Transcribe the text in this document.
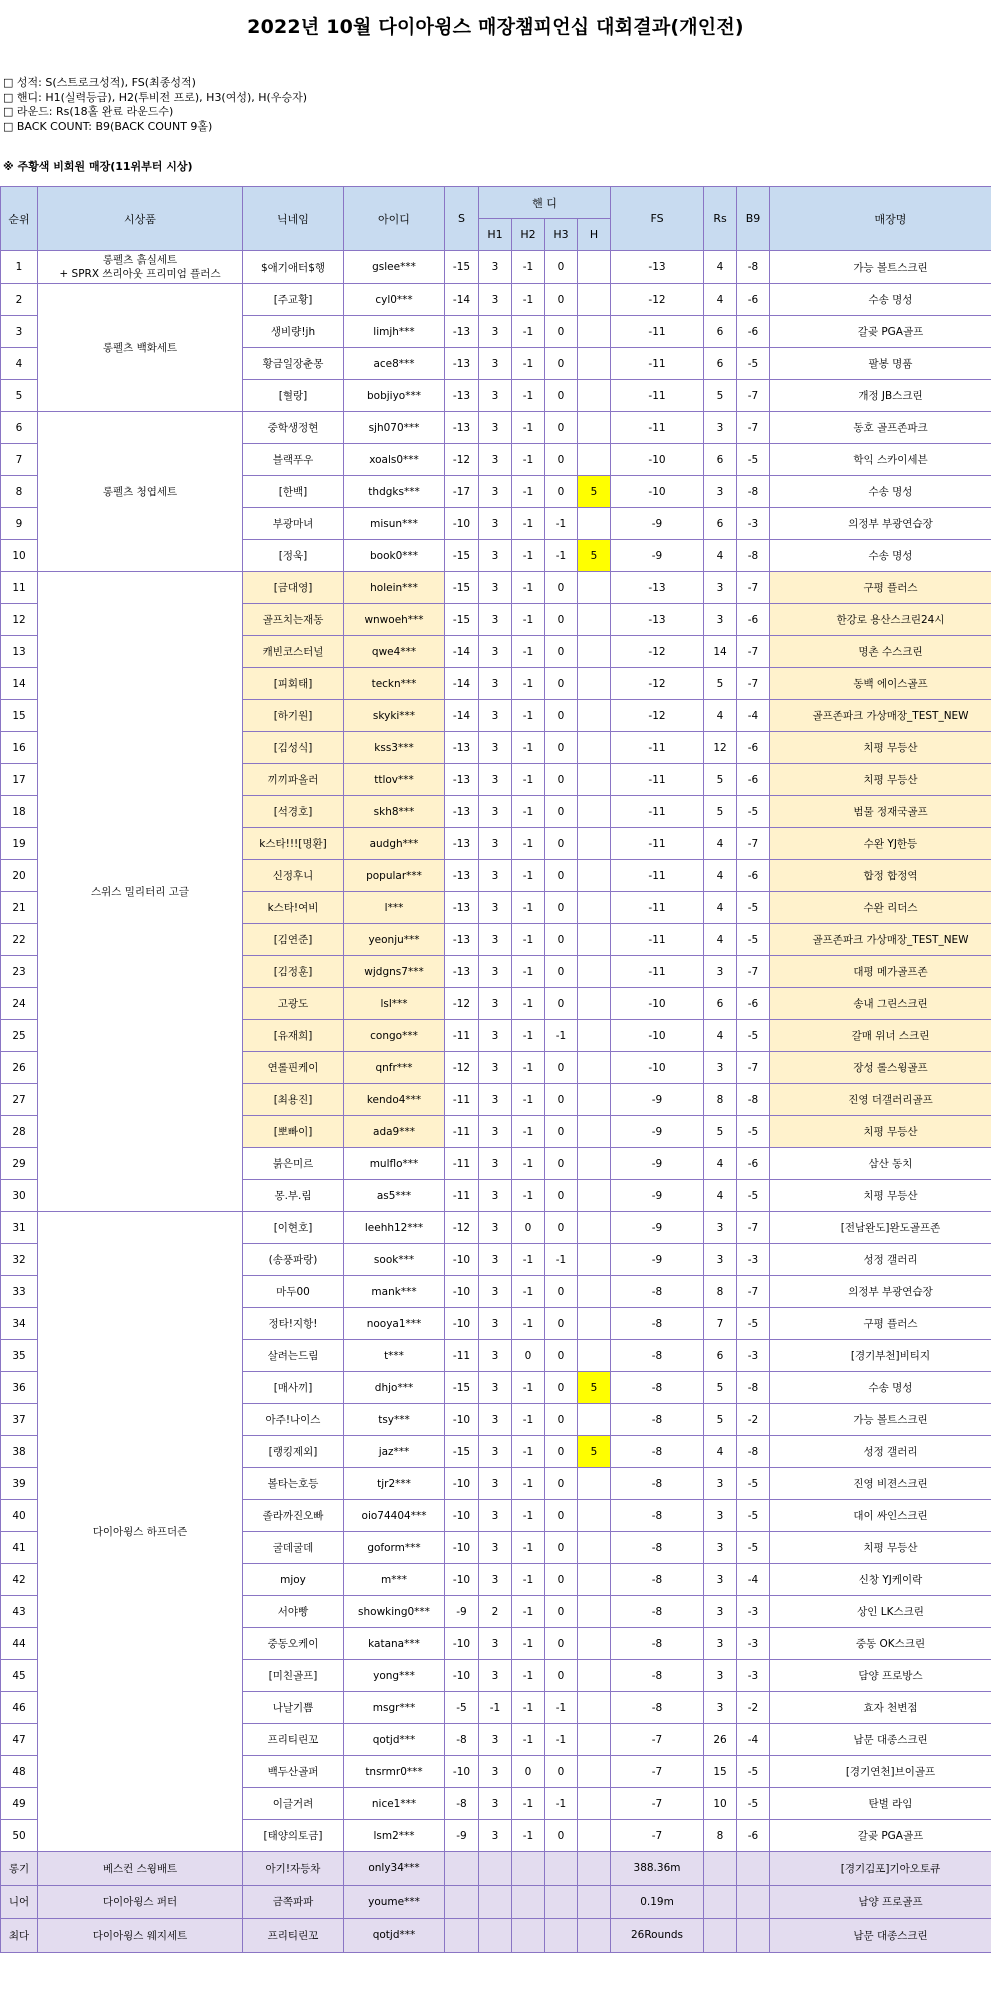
2022년 10월 다이아윙스 매장챔피언십 대회결과(개인전)
□ 성적: S(스트로크성적), FS(최종성적)
□ 핸디: H1(실력등급), H2(투비전 프로), H3(여성), H(우승자)
□ 라운드: Rs(18홀 완료 라운드수)
□ BACK COUNT: B9(BACK COUNT 9홀)
※ 주황색 비회원 매장(11위부터 시상)
순위	시상품	닉네임	아이디	S	핸 디				FS	Rs	B9	매장명
					H1	H2	H3	H				
1	롱펠츠 흙실세트
+ SPRX 쓰리아웃 프리미엄 플러스	$애기애터$행	gslee***	-15	3	-1	0		-13	4	-8	가능 볼트스크린
2	롱펠츠 백화세트	[주교황]	cyl0***	-14	3	-1	0		-12	4	-6	수송 명성
3		생비량!jh	limjh***	-13	3	-1	0		-11	6	-6	갈곶 PGA골프
4		황금일장춘몽	ace8***	-13	3	-1	0		-11	6	-5	팔봉 명품
5		[혈랑]	bobjiyo***	-13	3	-1	0		-11	5	-7	개정 JB스크린
6	롱펠츠 청엽세트	중학생정현	sjh070***	-13	3	-1	0		-11	3	-7	동호 골프존파크
7		블랙푸우	xoals0***	-12	3	-1	0		-10	6	-5	학익 스카이세븐
8		[한백]	thdgks***	-17	3	-1	0	5	-10	3	-8	수송 명성
9		부광마녀	misun***	-10	3	-1	-1		-9	6	-3	의정부 부광연습장
10		[정욱]	book0***	-15	3	-1	-1	5	-9	4	-8	수송 명성
11	스위스 밀리터리 고글	[금대영]	holein***	-15	3	-1	0		-13	3	-7	구평 플러스
12		골프치는재동	wnwoeh***	-15	3	-1	0		-13	3	-6	한강로 용산스크린24시
13		캐빈코스터널	qwe4***	-14	3	-1	0		-12	14	-7	명촌 수스크린
14		[피회태]	teckn***	-14	3	-1	0		-12	5	-7	동백 에이스골프
15		[하기원]	skyki***	-14	3	-1	0		-12	4	-4	골프존파크 가상매장_TEST_NEW
16		[김성식]	kss3***	-13	3	-1	0		-11	12	-6	치평 무등산
17		끼끼파올러	ttlov***	-13	3	-1	0		-11	5	-6	치평 무등산
18		[석경호]	skh8***	-13	3	-1	0		-11	5	-5	범물 정재국골프
19		k스타!!![명환]	audgh***	-13	3	-1	0		-11	4	-7	수완 YJ한등
20		신정후니	popular***	-13	3	-1	0		-11	4	-6	합정 합정역
21		k스타!여비	l***	-13	3	-1	0		-11	4	-5	수완 리더스
22		[김연준]	yeonju***	-13	3	-1	0		-11	4	-5	골프존파크 가상매장_TEST_NEW
23		[김정훈]	wjdgns7***	-13	3	-1	0		-11	3	-7	대평 메가골프존
24		고광도	lsl***	-12	3	-1	0		-10	6	-6	송내 그린스크린
25		[유재희]	congo***	-11	3	-1	-1		-10	4	-5	갈매 위너 스크린
26		연롤핀케이	qnfr***	-12	3	-1	0		-10	3	-7	장성 롤스윙골프
27		[최용진]	kendo4***	-11	3	-1	0		-9	8	-8	진영 더갤러리골프
28		[뽀빠이]	ada9***	-11	3	-1	0		-9	5	-5	치평 무등산
29		붉은미르	mulflo***	-11	3	-1	0		-9	4	-6	삼산 동치
30		몽.부.림	as5***	-11	3	-1	0		-9	4	-5	치평 무등산
31	다이아윙스 하프더즌	[이현호]	leehh12***	-12	3	0	0		-9	3	-7	[전남완도]완도골프존
32		(송풍파랑)	sook***	-10	3	-1	-1		-9	3	-3	성정 갤러리
33		마두00	mank***	-10	3	-1	0		-8	8	-7	의정부 부광연습장
34		정타!지항!	nooya1***	-10	3	-1	0		-8	7	-5	구평 플러스
35		살려는드림	t***	-11	3	0	0		-8	6	-3	[경기부천]비티지
36		[매사끼]	dhjo***	-15	3	-1	0	5	-8	5	-8	수송 명성
37		아주!나이스	tsy***	-10	3	-1	0		-8	5	-2	가능 볼트스크린
38		[랭킹제외]	jaz***	-15	3	-1	0	5	-8	4	-8	성정 갤러리
39		볼타는호등	tjr2***	-10	3	-1	0		-8	3	-5	진영 비젼스크린
40		졸라까진오빠	oio74404***	-10	3	-1	0		-8	3	-5	대이 싸인스크린
41		굴데굴데	goform***	-10	3	-1	0		-8	3	-5	치평 무등산
42		mjoy	m***	-10	3	-1	0		-8	3	-4	신창 YJ케이락
43		서야빵	showking0***	-9	2	-1	0		-8	3	-3	상인 LK스크린
44		중동오케이	katana***	-10	3	-1	0		-8	3	-3	중동 OK스크린
45		[미친골프]	yong***	-10	3	-1	0		-8	3	-3	담양 프로방스
46		나날기쁨	msgr***	-5	-1	-1	-1		-8	3	-2	효자 천변점
47		프리티린꼬	qotjd***	-8	3	-1	-1		-7	26	-4	남문 대종스크린
48		백두산골퍼	tnsrmr0***	-10	3	0	0		-7	15	-5	[경기연천]브이골프
49		이글거려	nice1***	-8	3	-1	-1		-7	10	-5	탄벌 라임
50		[태양의토금]	lsm2***	-9	3	-1	0		-7	8	-6	갈곶 PGA골프
롱기	베스컨 스윙배트	아기!자등차	only34***						388.36m			[경기김포]기아오토큐
니어	다이아윙스 퍼터	금쪽파파	youme***						0.19m			남양 프로골프
최다	다이아윙스 웨지세트	프리티린꼬	qotjd***						26Rounds			남문 대종스크린
